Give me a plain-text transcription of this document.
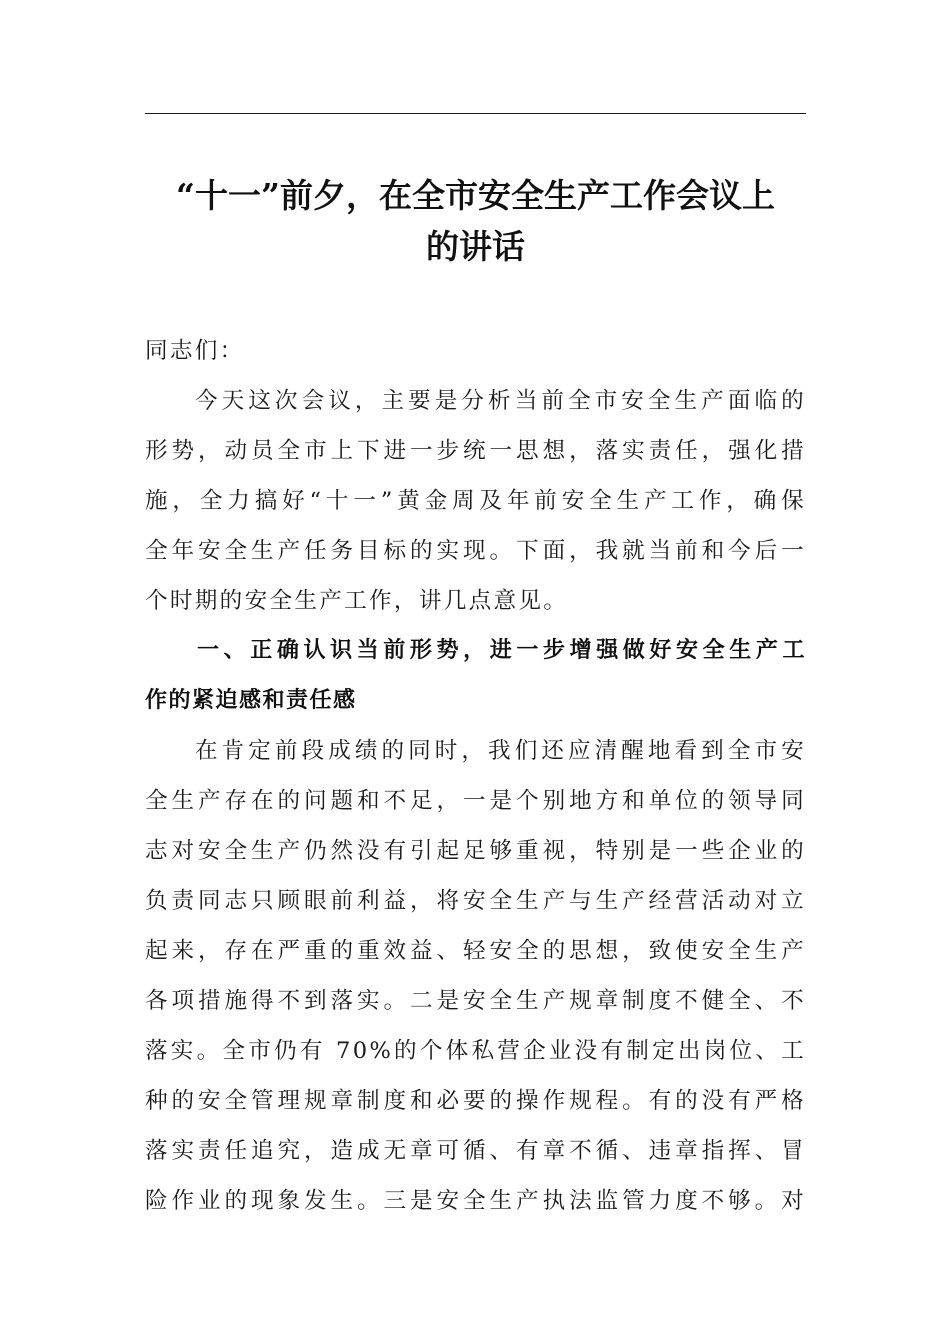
“十一”前夕，在全市安全生产工作会议上
的讲话

同志们：

今天这次会议，主要是分析当前全市安全生产面临的
形势，动员全市上下进一步统一思想，落实责任，强化措
施，全力搞好“十一”黄金周及年前安全生产工作，确保
全年安全生产任务目标的实现。下面，我就当前和今后一
个时期的安全生产工作，讲几点意见。

一、正确认识当前形势，进一步增强做好安全生产工
作的紧迫感和责任感

在肯定前段成绩的同时，我们还应清醒地看到全市安
全生产存在的问题和不足，一是个别地方和单位的领导同
志对安全生产仍然没有引起足够重视，特别是一些企业的
负责同志只顾眼前利益，将安全生产与生产经营活动对立
起来，存在严重的重效益、轻安全的思想，致使安全生产
各项措施得不到落实。二是安全生产规章制度不健全、不
落实。全市仍有 70%的个体私营企业没有制定出岗位、工
种的安全管理规章制度和必要的操作规程。有的没有严格
落实责任追究，造成无章可循、有章不循、违章指挥、冒
险作业的现象发生。三是安全生产执法监管力度不够。对
